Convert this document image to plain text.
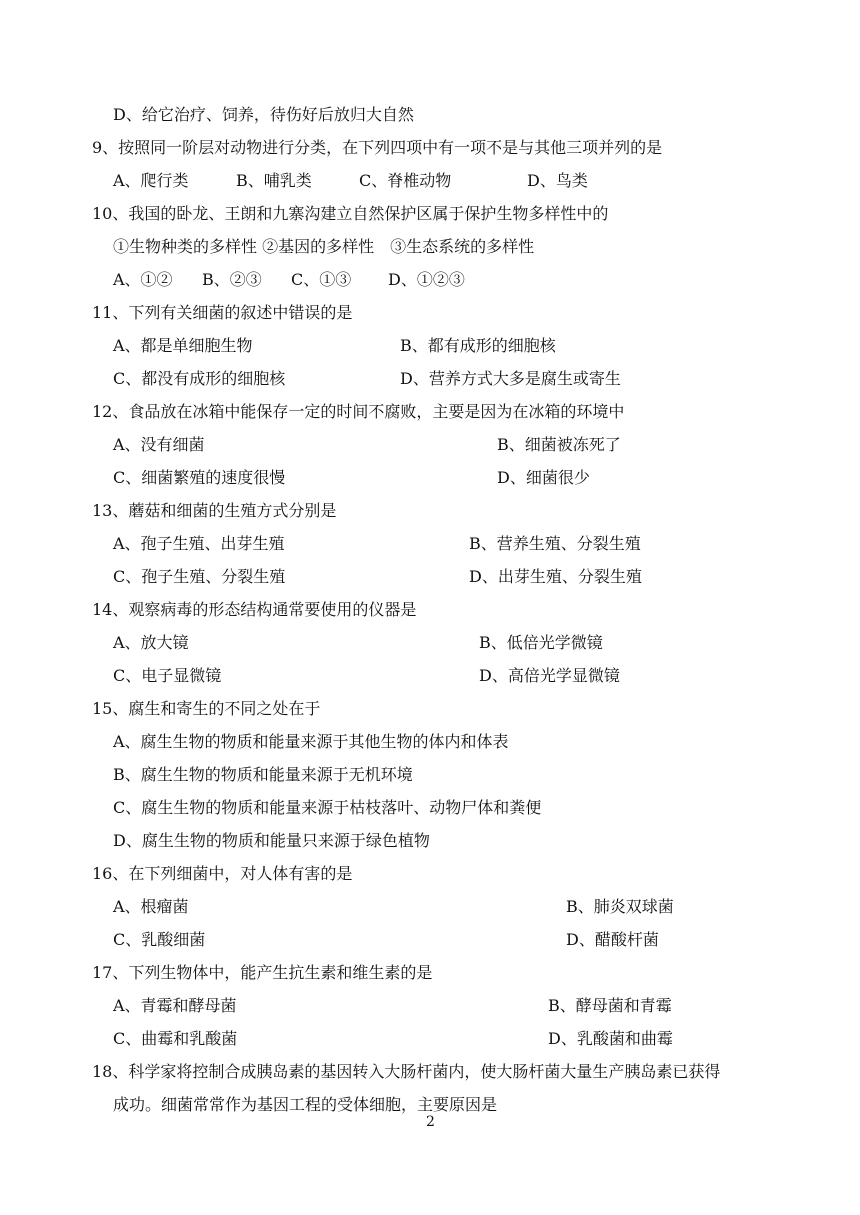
D、给它治疗、饲养，待伤好后放归大自然
9、按照同一阶层对动物进行分类，在下列四项中有一项不是与其他三项并列的是
A、爬行类	B、哺乳类	C、脊椎动物	D、鸟类
10、我国的卧龙、王朗和九寨沟建立自然保护区属于保护生物多样性中的
①生物种类的多样性 ②基因的多样性　③生态系统的多样性
A、①② B、②③ C、①③ D、①②③
11、下列有关细菌的叙述中错误的是
A、都是单细胞生物	B、都有成形的细胞核
C、都没有成形的细胞核	D、营养方式大多是腐生或寄生
12、食品放在冰箱中能保存一定的时间不腐败，主要是因为在冰箱的环境中
A、没有细菌	B、细菌被冻死了
C、细菌繁殖的速度很慢	D、细菌很少
13、蘑菇和细菌的生殖方式分别是
A、孢子生殖、出芽生殖	B、营养生殖、分裂生殖
C、孢子生殖、分裂生殖	D、出芽生殖、分裂生殖
14、观察病毒的形态结构通常要使用的仪器是
A、放大镜	B、低倍光学微镜
C、电子显微镜	D、高倍光学显微镜
15、腐生和寄生的不同之处在于
A、腐生生物的物质和能量来源于其他生物的体内和体表
B、腐生生物的物质和能量来源于无机环境
C、腐生生物的物质和能量来源于枯枝落叶、动物尸体和粪便
D、腐生生物的物质和能量只来源于绿色植物
16、在下列细菌中，对人体有害的是
A、根瘤菌	B、肺炎双球菌
C、乳酸细菌	D、醋酸杆菌
17、下列生物体中，能产生抗生素和维生素的是
A、青霉和酵母菌	B、酵母菌和青霉
C、曲霉和乳酸菌	D、乳酸菌和曲霉
18、科学家将控制合成胰岛素的基因转入大肠杆菌内，使大肠杆菌大量生产胰岛素已获得
成功。细菌常常作为基因工程的受体细胞，主要原因是
2
